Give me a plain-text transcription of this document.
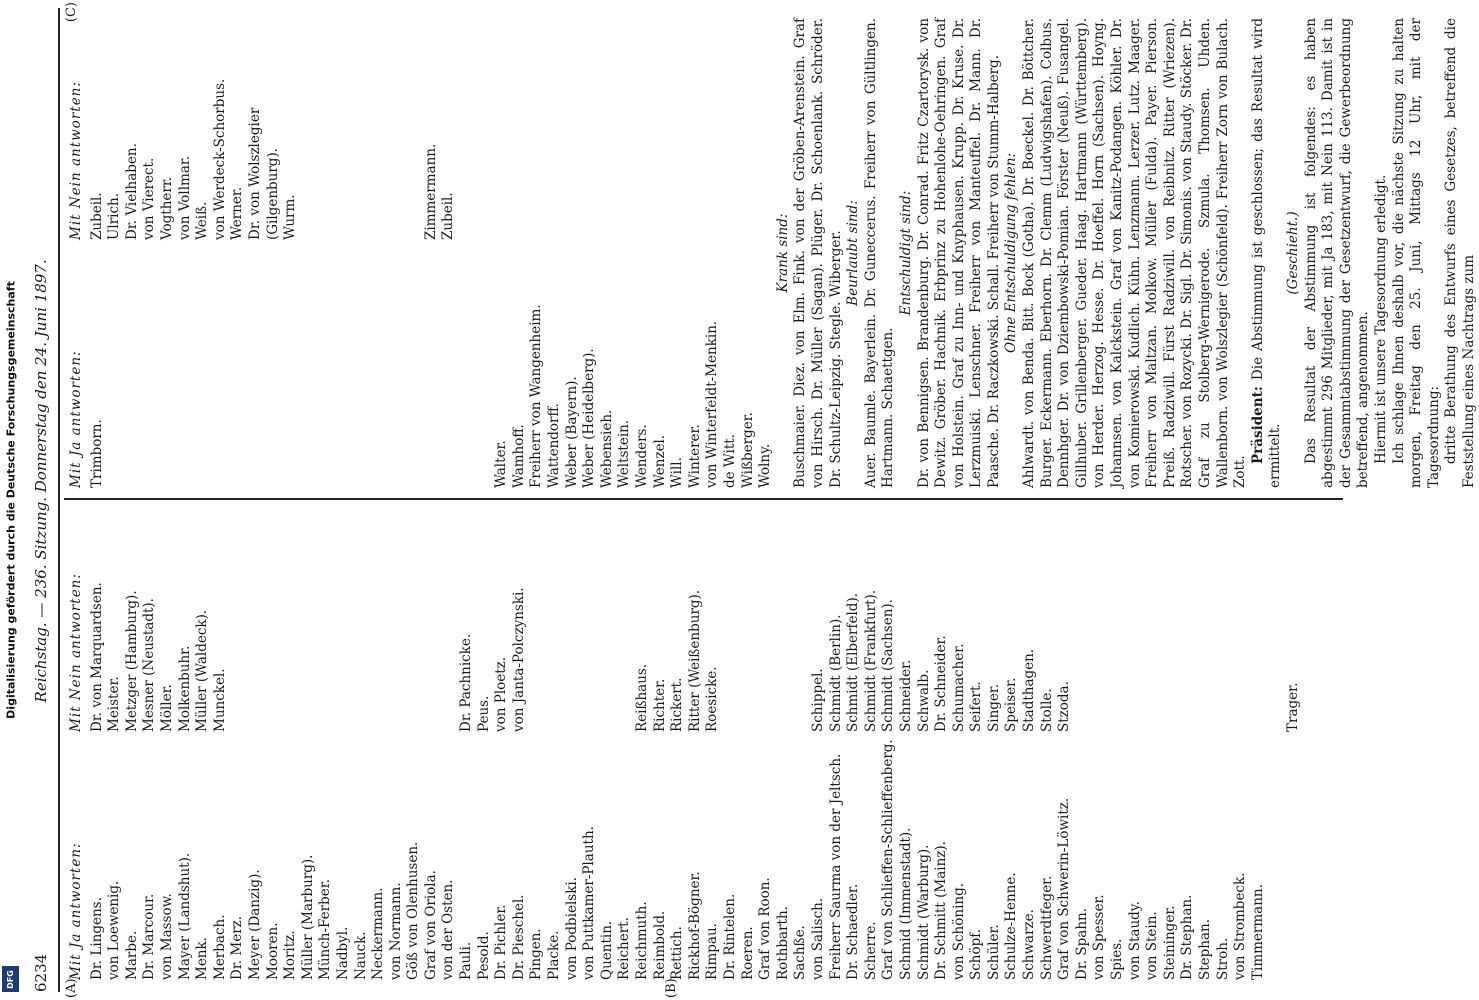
Digitalisierung gefördert durch die Deutsche Forschungsgemeinschaft
DFG 6234
Reichstag. — 236. Sitzung. Donnerstag den 24. Juni 1897.
(A)	(B)
(C)
Mit Ja antworten: Dr. Lingens. von Loewenig. Marbe. Dr. Marcour. von Massow. Mayer (Landshut). Menk. Merbach. Dr. Merz. Meyer (Danzig). Mooren. Moritz. Müller (Marburg). Münch-Ferber. Nadbyl. Nauck. Neckermann. von Normann. Göß von Olenhusen. Graf von Oriola. von der Osten. Pauli. Pesold. Dr. Pichler. Dr. Pieschel. Pingen. Placke. von Podbielski. von Puttkamer-Plauth. Quentin. Reichert. Reichmuth. Reimbold. Rettich. Rickhof-Bögner. Rimpau. Dr. Rintelen. Roeren. Graf von Roon. Rothbarth. Sachße. von Salisch. Freiherr Saurma von der Jeltsch. Dr. Schaedler. Scherre. Graf von Schlieffen-Schlieffenberg. Schmid (Immenstadt). Schmidt (Warburg). Dr. Schmitt (Mainz). von Schöning. Schöpf. Schüler. Schulze-Henne. Schwarze. Schwerdtfeger. Graf von Schwerin-Löwitz. Dr. Spahn. von Spesser. Spies. von Staudy. von Stein. Steininger. Dr. Stephan. Stephan. Stroh. von Strombeck. Timmermann.
Mit Nein antworten: Dr. von Marquardsen. Meister. Metzger (Hamburg). Mesner (Neustadt). Möller. Molkenbuhr. Müller (Waldeck). Munckel.

	Dr. Pachnicke. Peus. von Ploetz. von Janta-Polczynski.

	Reißhaus. Richter. Rickert. Ritter (Weißenburg). Roesicke.

	Schippel. Schmidt (Berlin). Schmidt (Elberfeld). Schmidt (Frankfurt). Schmidt (Sachsen). Schneider. Schwalb. Dr. Schneider. Schumacher. Seifert. Singer. Speiser. Stadthagen. Stolle. Stzoda.

	Trager.
Mit Ja antworten: Trimborn.

	Walter. Wamhoff. Freiherr von Wangenheim. Wattendorff. Weber (Bayern). Weber (Heidelberg). Webensieh. Weltstein. Wenders. Wenzel. Will. Winterer. von Winterfeldt-Menkin. de Witt. Wißberger. Wolny.
Mit Nein antworten: Zubeil. Ulrich. Dr. Vielhaben. von Vierect. Vogtherr. von Vollmar. Weiß. von Werdeck-Schorbus. Werner. Dr. von Wolszlegier (Gilgenburg). Wurm.

	Zimmermann. Zubeil.	Krank sind: Buschmaier. Diez. von Elm. Fink. von der Gröben-Arenstein. Graf von Hirsch. Dr. Müller (Sagan). Plüger. Dr. Schoenlank. Schröder. Dr. Schultz-Leipzig. Stegle. Wiberger. Beurlaubt sind: Auer. Baumle. Bayerlein. Dr. Guneccerus. Freiherr von Gültlingen. Hartmann. Schaettgen.

Entschuldigt sind: Dr. von Bennigsen. Brandenburg. Dr. Conrad. Fritz Czartorysk. von Dewitz. Gröber. Hachnik. Erbprinz zu Hohenlohe-Oehringen. Graf von Holstein. Graf zu Inn- und Knyphausen. Krupp. Dr. Kruse. Dr. Lerzmuiski. Lenschner. Freiherr von Manteuffel. Dr. Mann. Dr. Paasche. Dr. Raczkowski. Schall. Freiherr von Stumm-Halberg. Ohne Entschuldigung fehlen: Ahlwardt. von Benda. Bitt. Bock (Gotha). Dr. Boeckel. Dr. Böttcher. Burger. Eckermann. Eberhorn. Dr. Clemm (Ludwigshafen). Colbus. Dennhger. Dr. von Dziembowski-Pomian. Förster (Neuß). Fusangel. Gillhuber. Grillenberger. Gueder. Haag. Hartmann (Württemberg). von Herder. Herzog. Hesse. Dr. Hoeffel. Horn (Sachsen). Hoyng. Johannsen. von Kalckstein. Graf von Kanitz-Podangen. Köhler. Dr. von Komierowski. Kudlich. Kühn. Lenzmann. Lerzer. Lutz. Maager. Freiherr von Maltzan. Molkow. Müller (Fulda). Payer. Pierson. Preiß. Radziwill. Fürst Radziwill. von Reibnitz. Ritter (Wriezen). Rotscher. von Rozycki. Dr. Sigl. Dr. Simonis. von Staudy. Stöcker. Dr. Graf zu Stolberg-Wernigerode. Szmula. Thomsen. Uhden. Wallenborn. von Wolszlegier (Schönfeld). Freiherr Zorn von Bulach. Zott.

Präsident: Die Abstimmung ist geschlossen; das Resultat wird ermittelt.

(Geschieht.) Das Resultat der Abstimmung ist folgendes: es haben abgestimmt 296 Mitglieder, mit Ja 183, mit Nein 113. Damit ist in der Gesammtabstimmung der Gesetzentwurf, die Gewerbeordnung betreffend, angenommen. Hiermit ist unsere Tagesordnung erledigt. Ich schlage Ihnen deshalb vor, die nächste Sitzung zu halten morgen, Freitag den 25. Juni, Mittags 12 Uhr, mit der Tagesordnung: dritte Berathung des Entwurfs eines Gesetzes, betreffend die Feststellung eines Nachtrags zum
